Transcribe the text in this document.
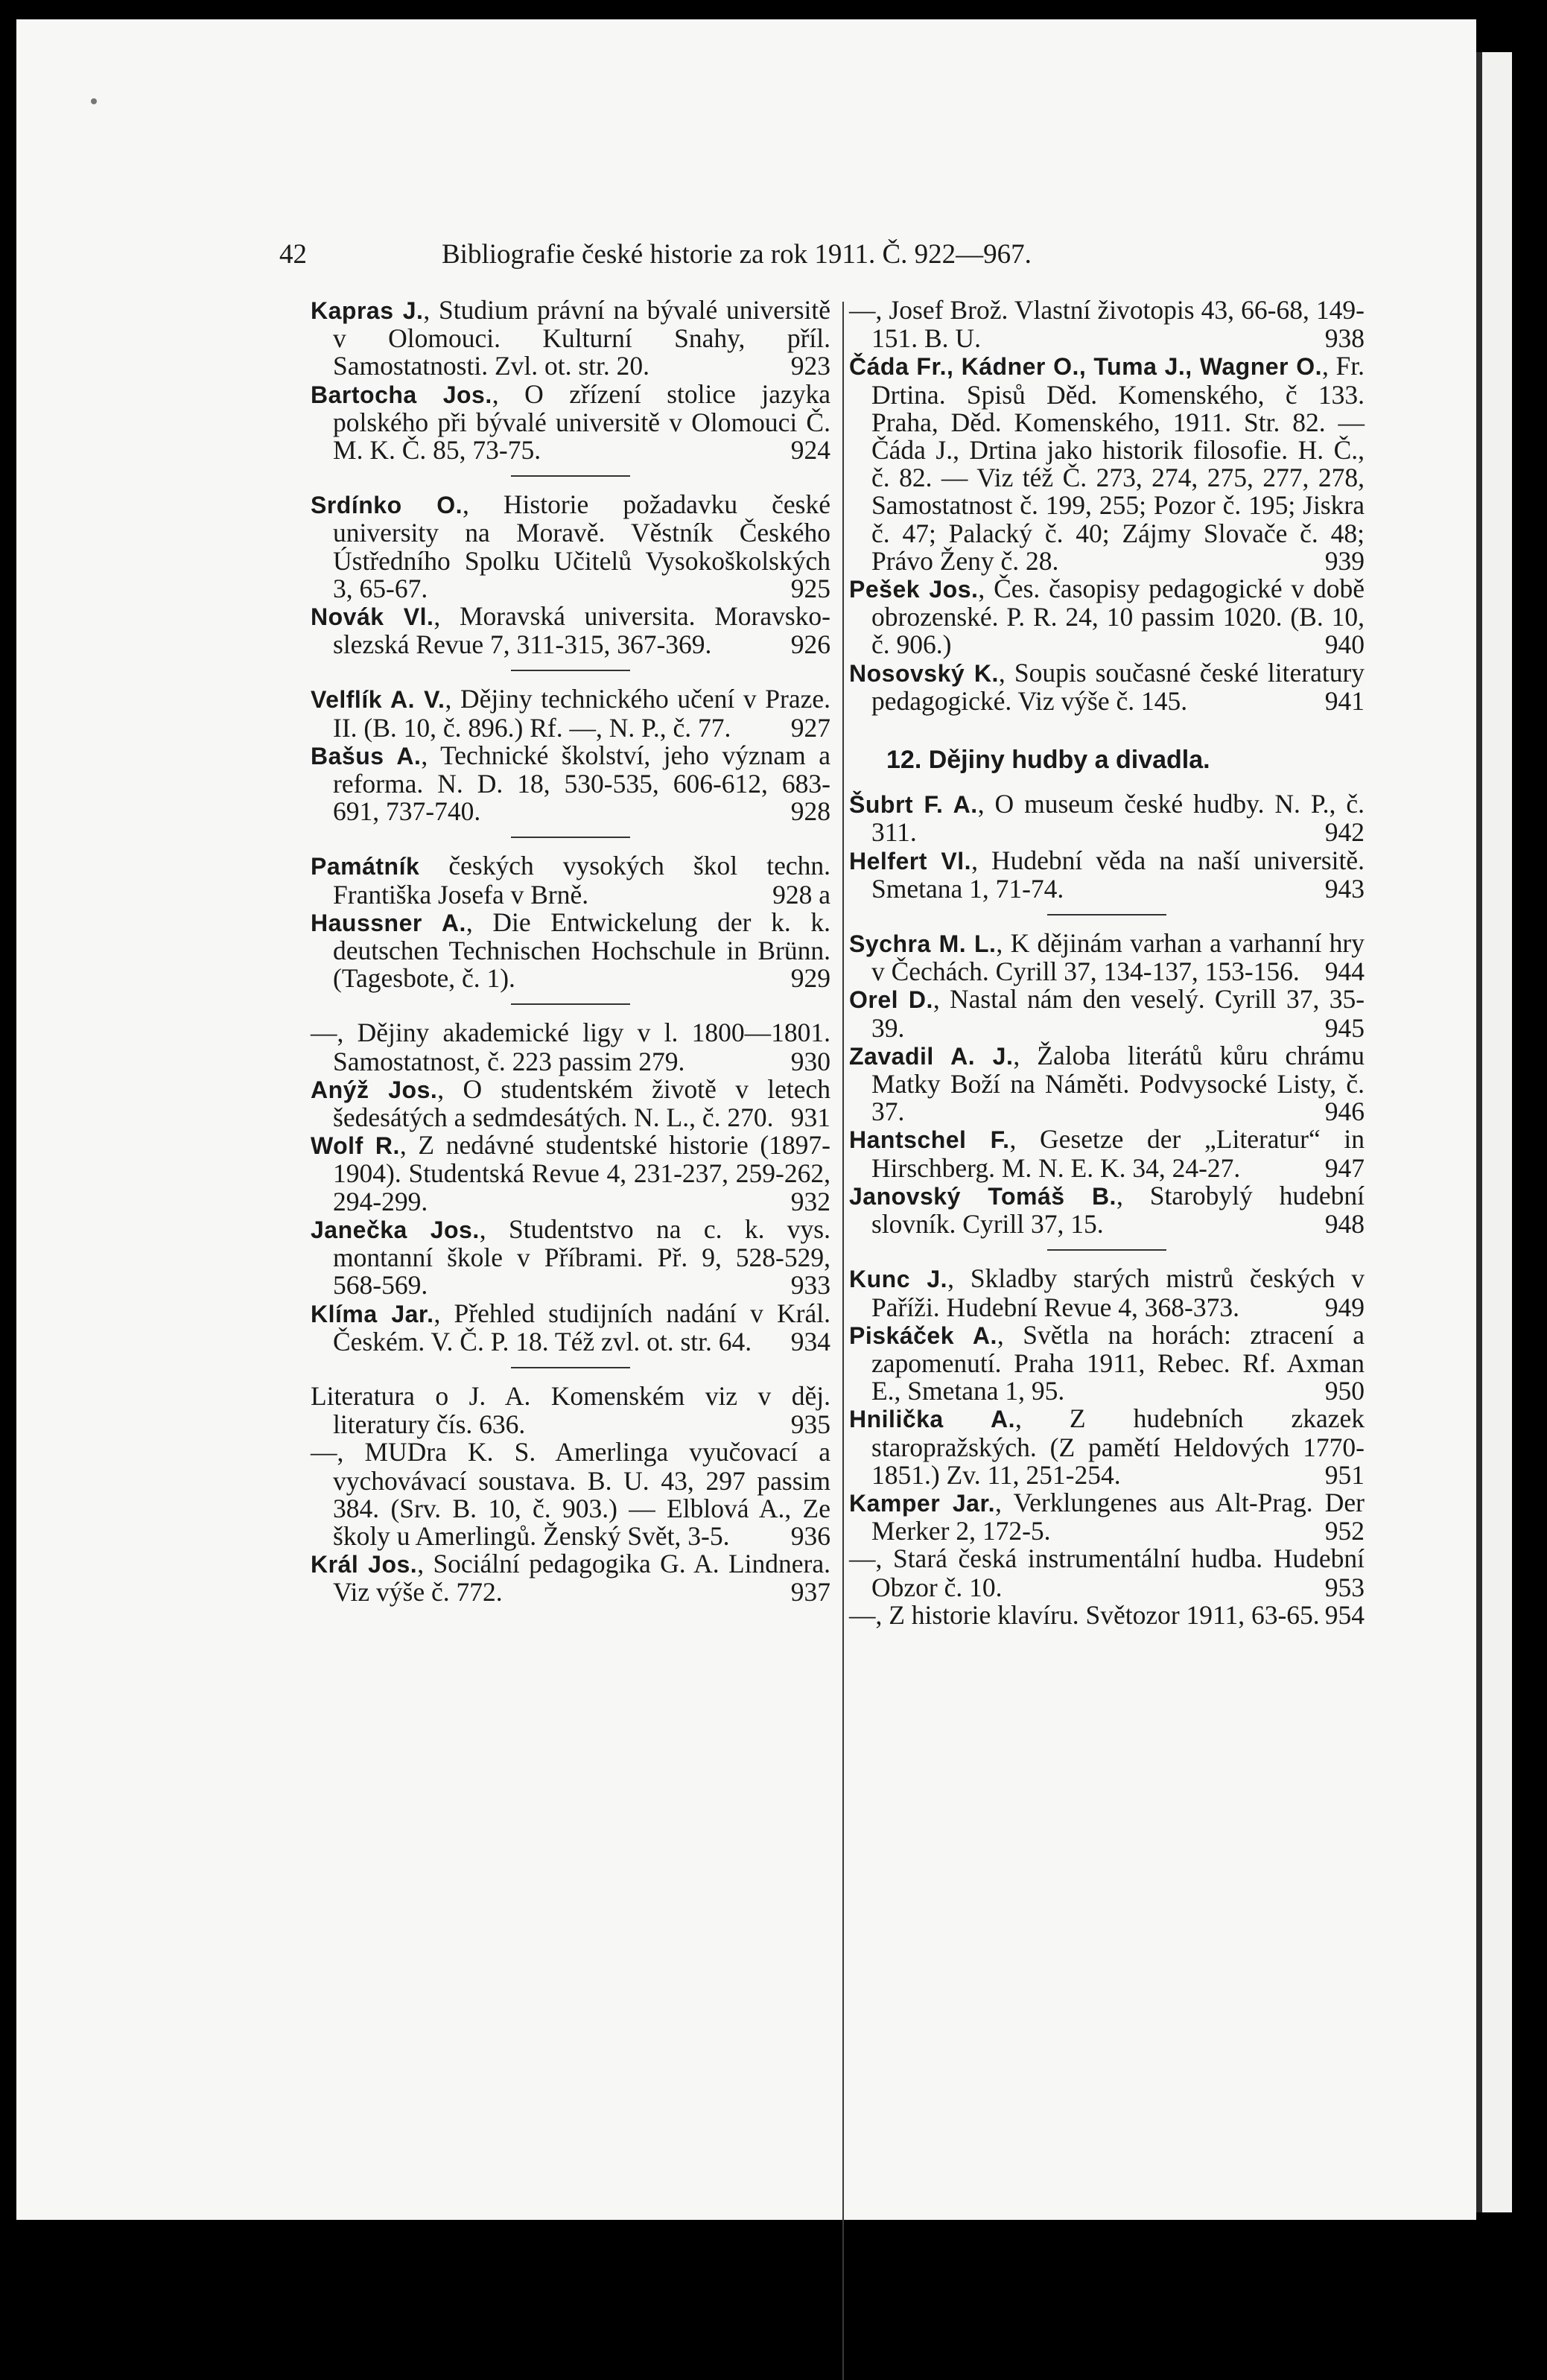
42	Bibliografie české historie za rok 1911. Č. 922—967.

Kapras J., Studium právní na bývalé universitě v Olomouci. Kulturní Snahy, příl. Samostatnosti. Zvl. ot. str. 20.	923

Bartocha Jos., O zřízení stolice jazyka polského při bývalé universitě v Olomouci Č. M. K. Č. 85, 73-75.	924

Srdínko O., Historie požadavku české university na Moravě. Věstník Českého Ústředního Spolku Učitelů Vysokoškolských 3, 65-67.	925

Novák Vl., Moravská universita. Moravsko-slezská Revue 7, 311-315, 367-369.	926

Velflík A. V., Dějiny technického učení v Praze. II. (B. 10, č. 896.) Rf. —, N. P., č. 77. 927

Bašus A., Technické školství, jeho význam a reforma. N. D. 18, 530-535, 606-612, 683-691, 737-740.	928

Památník českých vysokých škol techn. Františka Josefa v Brně.	928 a

Haussner A., Die Entwickelung der k. k. deutschen Technischen Hochschule in Brünn. (Tagesbote, č. 1).	929

—, Dějiny akademické ligy v l. 1800—1801. Samostatnost, č. 223 passim 279.	930

Anýž Jos., O studentském životě v letech šedesátých a sedmdesátých. N. L., č. 270. 931

Wolf R., Z nedávné studentské historie (1897-1904). Studentská Revue 4, 231-237, 259-262, 294-299.	932

Janečka Jos., Studentstvo na c. k. vys. montanní škole v Příbrami. Př. 9, 528-529, 568-569.	933

Klíma Jar., Přehled studijních nadání v Král. Českém. V. Č. P. 18. Též zvl. ot. str. 64. 934

Literatura o J. A. Komenském viz v děj. literatury čís. 636.	935

—, MUDra K. S. Amerlinga vyučovací a vychovávací soustava. B. U. 43, 297 passim 384. (Srv. B. 10, č. 903.) — Elblová A., Ze školy u Amerlingů. Ženský Svět, 3-5. 936

Král Jos., Sociální pedagogika G. A. Lindnera. Viz výše č. 772.	937

—, Josef Brož. Vlastní životopis 43, 66-68, 149-151. B. U.	938

Čáda Fr., Kádner O., Tuma J., Wagner O., Fr. Drtina. Spisů Děd. Komenského, č 133. Praha, Děd. Komenského, 1911. Str. 82. — Čáda J., Drtina jako historik filosofie. H. Č., č. 82. — Viz též Č. 273, 274, 275, 277, 278, Samostatnost č. 199, 255; Pozor č. 195; Jiskra č. 47; Palacký č. 40; Zájmy Slovače č. 48; Právo Ženy č. 28.	939

Pešek Jos., Čes. časopisy pedagogické v době obrozenské. P. R. 24, 10 passim 1020. (B. 10, č. 906.)	940

Nosovský K., Soupis současné české literatury pedagogické. Viz výše č. 145.	941

12. Dějiny hudby a divadla.

Šubrt F. A., O museum české hudby. N. P., č. 311.	942

Helfert Vl., Hudební věda na naší universitě. Smetana 1, 71-74.	943

Sychra M. L., K dějinám varhan a varhanní hry v Čechách. Cyrill 37, 134-137, 153-156. 944

Orel D., Nastal nám den veselý. Cyrill 37, 35-39.	945

Zavadil A. J., Žaloba literátů kůru chrámu Matky Boží na Náměti. Podvysocké Listy, č. 37.	946

Hantschel F., Gesetze der „Literatur“ in Hirschberg. M. N. E. K. 34, 24-27.	947

Janovský Tomáš B., Starobylý hudební slovník. Cyrill 37, 15.	948

Kunc J., Skladby starých mistrů českých v Paříži. Hudební Revue 4, 368-373.	949

Piskáček A., Světla na horách: ztracení a zapomenutí. Praha 1911, Rebec. Rf. Axman E., Smetana 1, 95.	950

Hnilička A., Z hudebních zkazek staropražských. (Z pamětí Heldových 1770-1851.) Zv. 11, 251-254.	951

Kamper Jar., Verklungenes aus Alt-Prag. Der Merker 2, 172-5.	952

—, Stará česká instrumentální hudba. Hudební Obzor č. 10.	953

—, Z historie klavíru. Světozor 1911, 63-65. 954
